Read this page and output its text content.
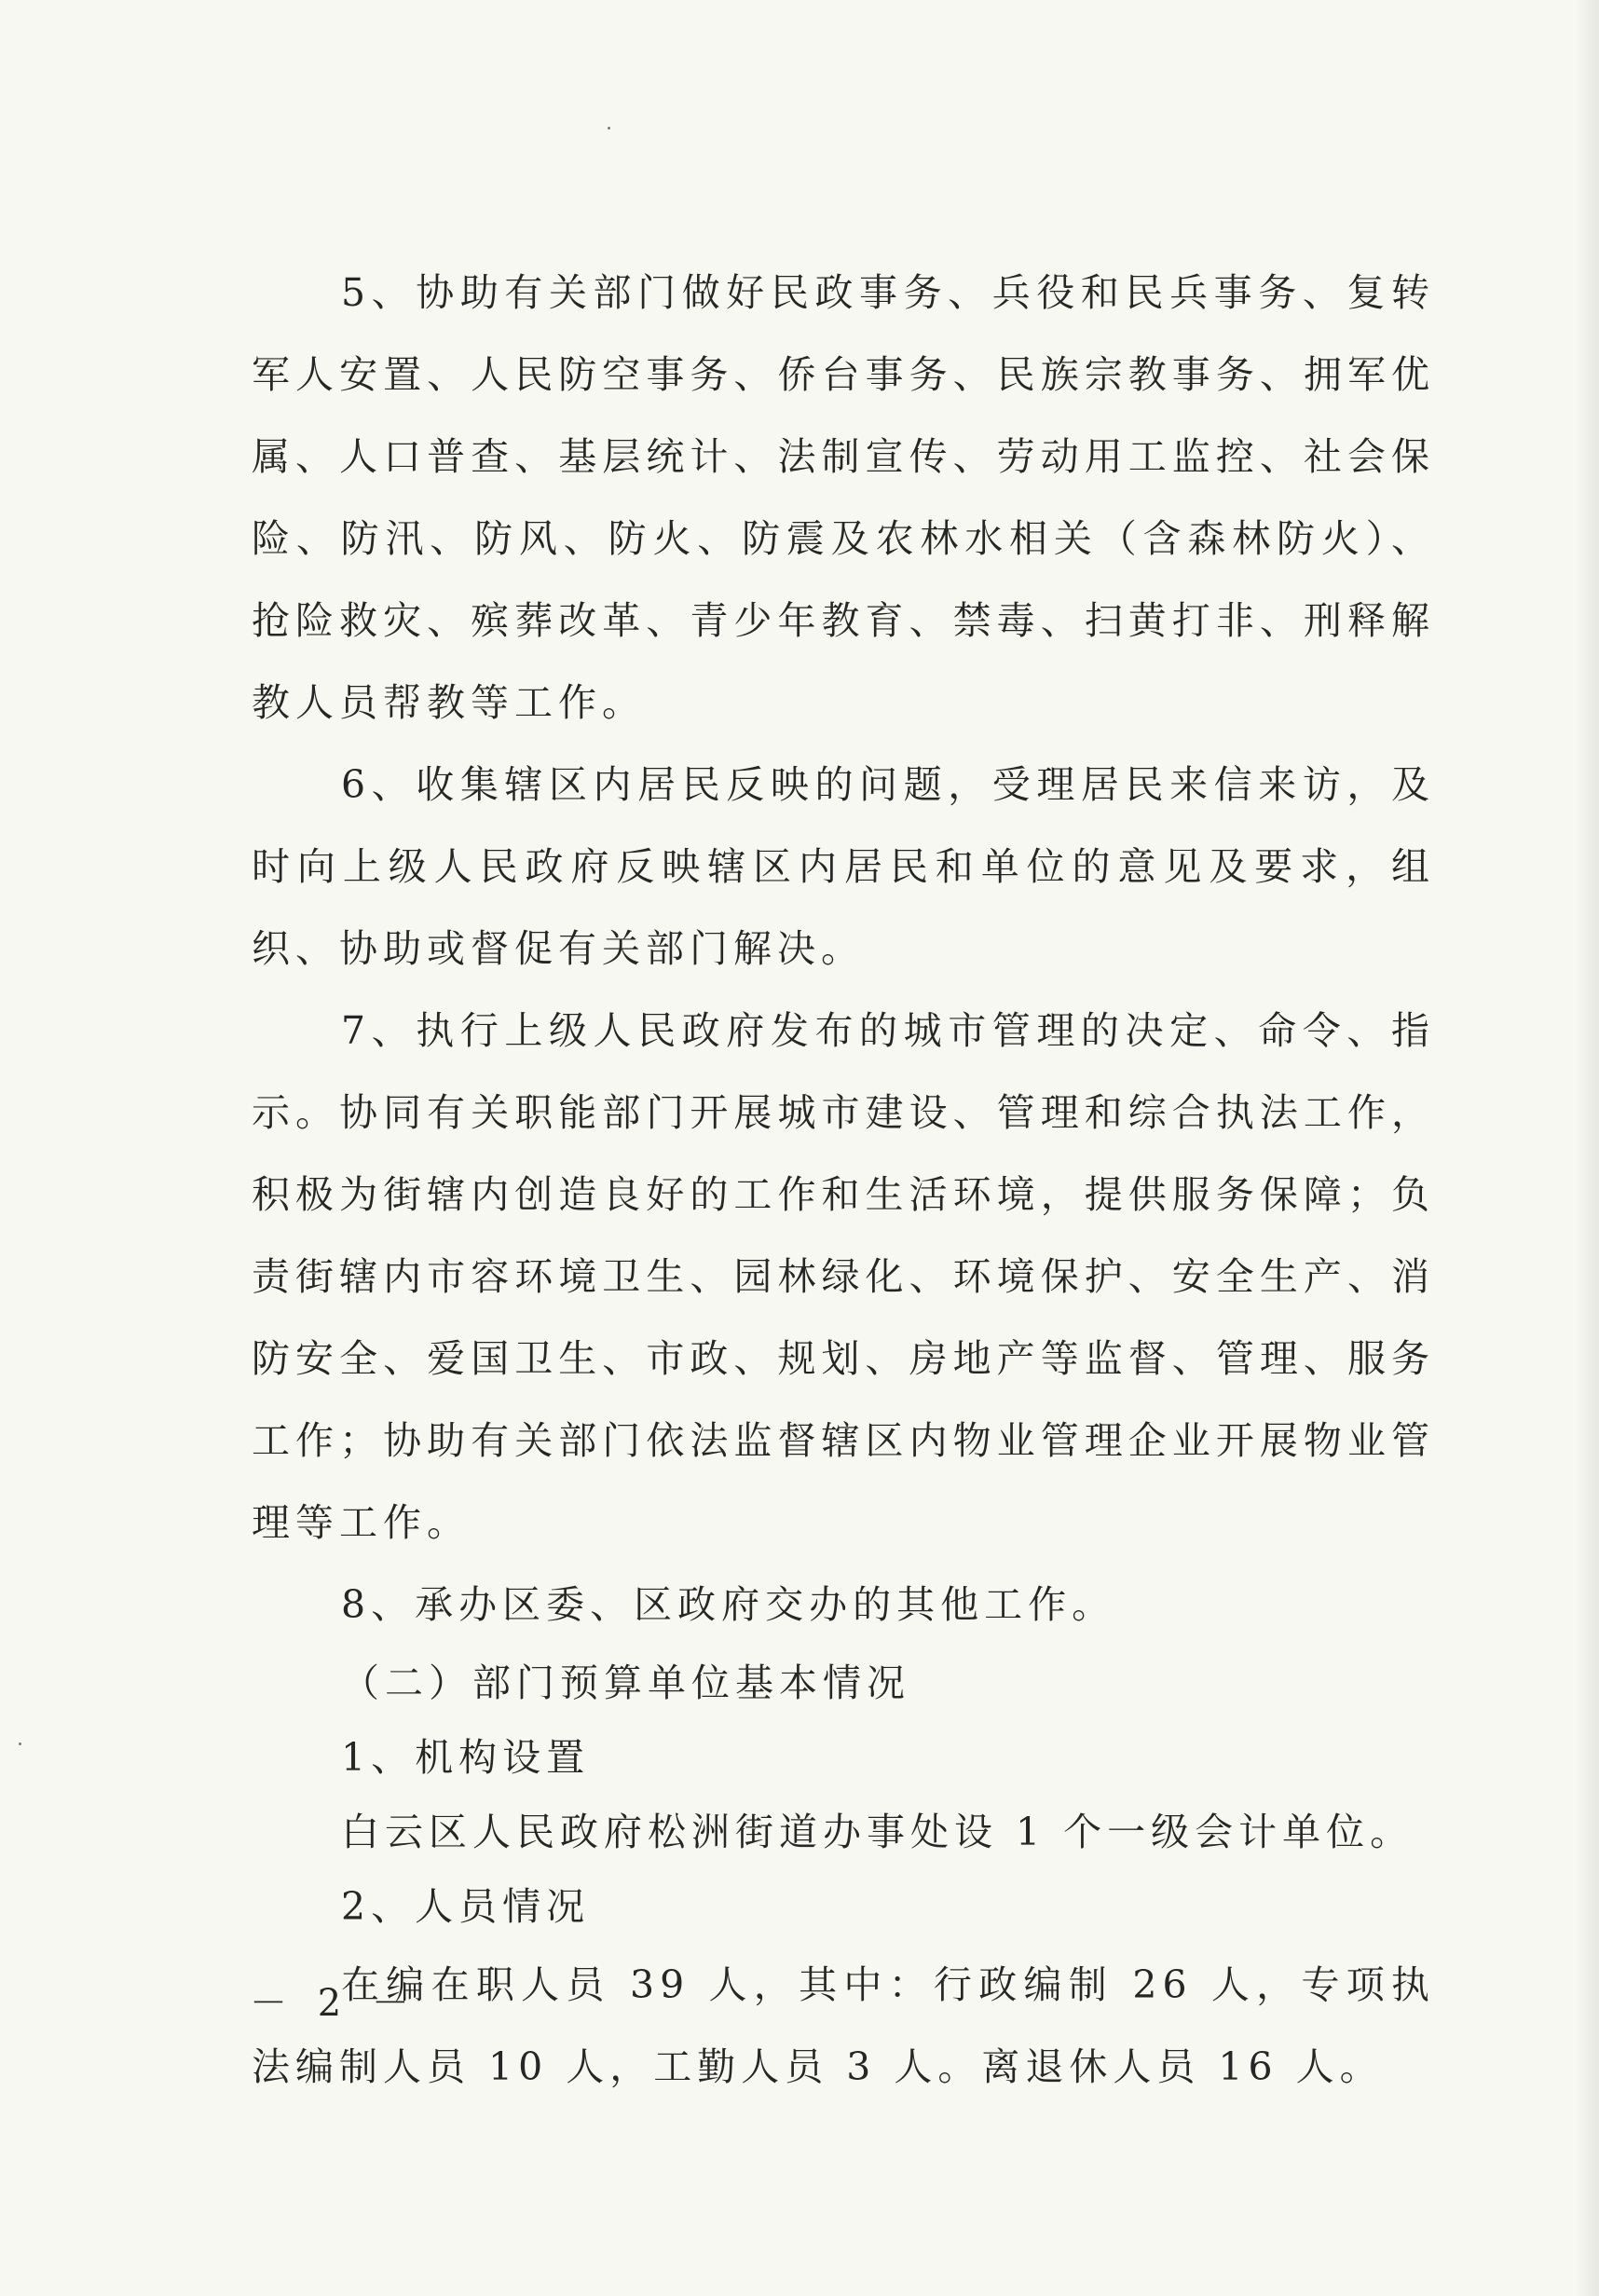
5、协助有关部门做好民政事务、兵役和民兵事务、复转军人安置、人民防空事务、侨台事务、民族宗教事务、拥军优属、人口普查、基层统计、法制宣传、劳动用工监控、社会保险、防汛、防风、防火、防震及农林水相关（含森林防火）、抢险救灾、殡葬改革、青少年教育、禁毒、扫黄打非、刑释解教人员帮教等工作。

6、收集辖区内居民反映的问题，受理居民来信来访，及时向上级人民政府反映辖区内居民和单位的意见及要求，组织、协助或督促有关部门解决。

7、执行上级人民政府发布的城市管理的决定、命令、指示。协同有关职能部门开展城市建设、管理和综合执法工作，积极为街辖内创造良好的工作和生活环境，提供服务保障；负责街辖内市容环境卫生、园林绿化、环境保护、安全生产、消防安全、爱国卫生、市政、规划、房地产等监督、管理、服务工作；协助有关部门依法监督辖区内物业管理企业开展物业管理等工作。

8、承办区委、区政府交办的其他工作。

（二）部门预算单位基本情况

1、机构设置

白云区人民政府松洲街道办事处设 1 个一级会计单位。

2、人员情况

在编在职人员 39 人，其中：行政编制 26 人，专项执法编制人员 10 人，工勤人员 3 人。离退休人员 16 人。

－ 2 －
